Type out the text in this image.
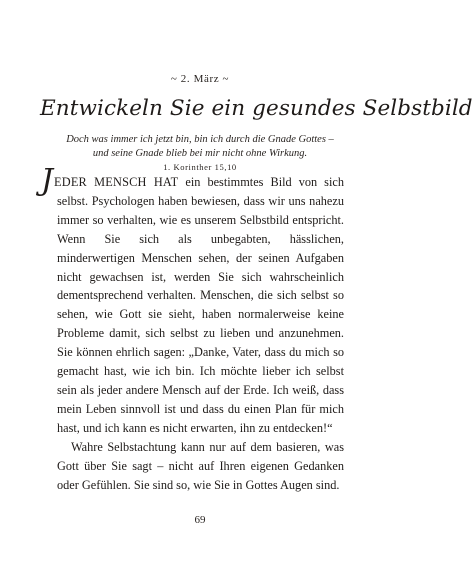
~ 2. März ~
Entwickeln Sie ein gesundes Selbstbild
Doch was immer ich jetzt bin, bin ich durch die Gnade Gottes –
und seine Gnade blieb bei mir nicht ohne Wirkung.
1. Korinther 15,10

JEDER MENSCH HAT ein bestimmtes Bild von sich selbst. Psychologen haben bewiesen, dass wir uns nahezu immer so verhalten, wie es unserem Selbstbild entspricht. Wenn Sie sich als unbegabten, hässlichen, minderwertigen Menschen sehen, der seinen Aufgaben nicht gewachsen ist, werden Sie sich wahrscheinlich dementsprechend verhalten. Menschen, die sich selbst so sehen, wie Gott sie sieht, haben normalerweise keine Probleme damit, sich selbst zu lieben und anzunehmen. Sie können ehrlich sagen: „Danke, Vater, dass du mich so gemacht hast, wie ich bin. Ich möchte lieber ich selbst sein als jeder andere Mensch auf der Erde. Ich weiß, dass mein Leben sinnvoll ist und dass du einen Plan für mich hast, und ich kann es nicht erwarten, ihn zu entdecken!“

Wahre Selbstachtung kann nur auf dem basieren, was Gott über Sie sagt – nicht auf Ihren eigenen Gedanken oder Gefühlen. Sie sind so, wie Sie in Gottes Augen sind.

69
